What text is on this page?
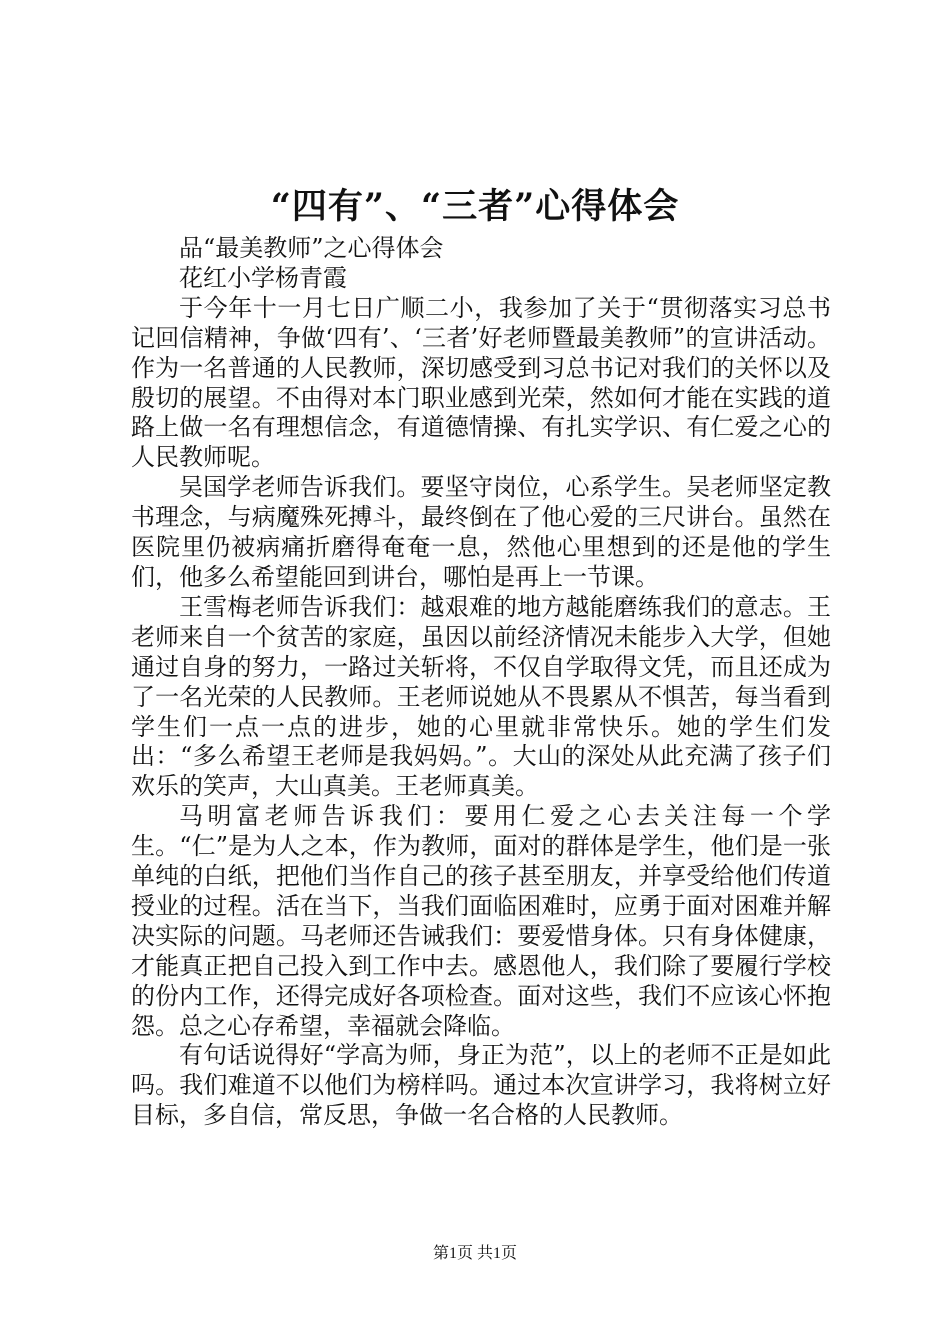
“四有”、“三者”心得体会

品“最美教师”之心得体会

花红小学杨青霞

于今年十一月七日广顺二小，我参加了关于“贯彻落实习总书记回信精神，争做‘四有’、‘三者’好老师暨最美教师”的宣讲活动。作为一名普通的人民教师，深切感受到习总书记对我们的关怀以及殷切的展望。不由得对本门职业感到光荣，然如何才能在实践的道路上做一名有理想信念，有道德情操、有扎实学识、有仁爱之心的人民教师呢。

吴国学老师告诉我们。要坚守岗位，心系学生。吴老师坚定教书理念，与病魔殊死搏斗，最终倒在了他心爱的三尺讲台。虽然在医院里仍被病痛折磨得奄奄一息，然他心里想到的还是他的学生们，他多么希望能回到讲台，哪怕是再上一节课。

王雪梅老师告诉我们：越艰难的地方越能磨练我们的意志。王老师来自一个贫苦的家庭，虽因以前经济情况未能步入大学，但她通过自身的努力，一路过关斩将，不仅自学取得文凭，而且还成为了一名光荣的人民教师。王老师说她从不畏累从不惧苦，每当看到学生们一点一点的进步，她的心里就非常快乐。她的学生们发出：“多么希望王老师是我妈妈。”。大山的深处从此充满了孩子们欢乐的笑声，大山真美。王老师真美。

马明富老师告诉我们：要用仁爱之心去关注每一个学生。“仁”是为人之本，作为教师，面对的群体是学生，他们是一张单纯的白纸，把他们当作自己的孩子甚至朋友，并享受给他们传道授业的过程。活在当下，当我们面临困难时，应勇于面对困难并解决实际的问题。马老师还告诫我们：要爱惜身体。只有身体健康，才能真正把自己投入到工作中去。感恩他人，我们除了要履行学校的份内工作，还得完成好各项检查。面对这些，我们不应该心怀抱怨。总之心存希望，幸福就会降临。

有句话说得好“学高为师，身正为范”，以上的老师不正是如此吗。我们难道不以他们为榜样吗。通过本次宣讲学习，我将树立好目标，多自信，常反思，争做一名合格的人民教师。

第1页 共1页
